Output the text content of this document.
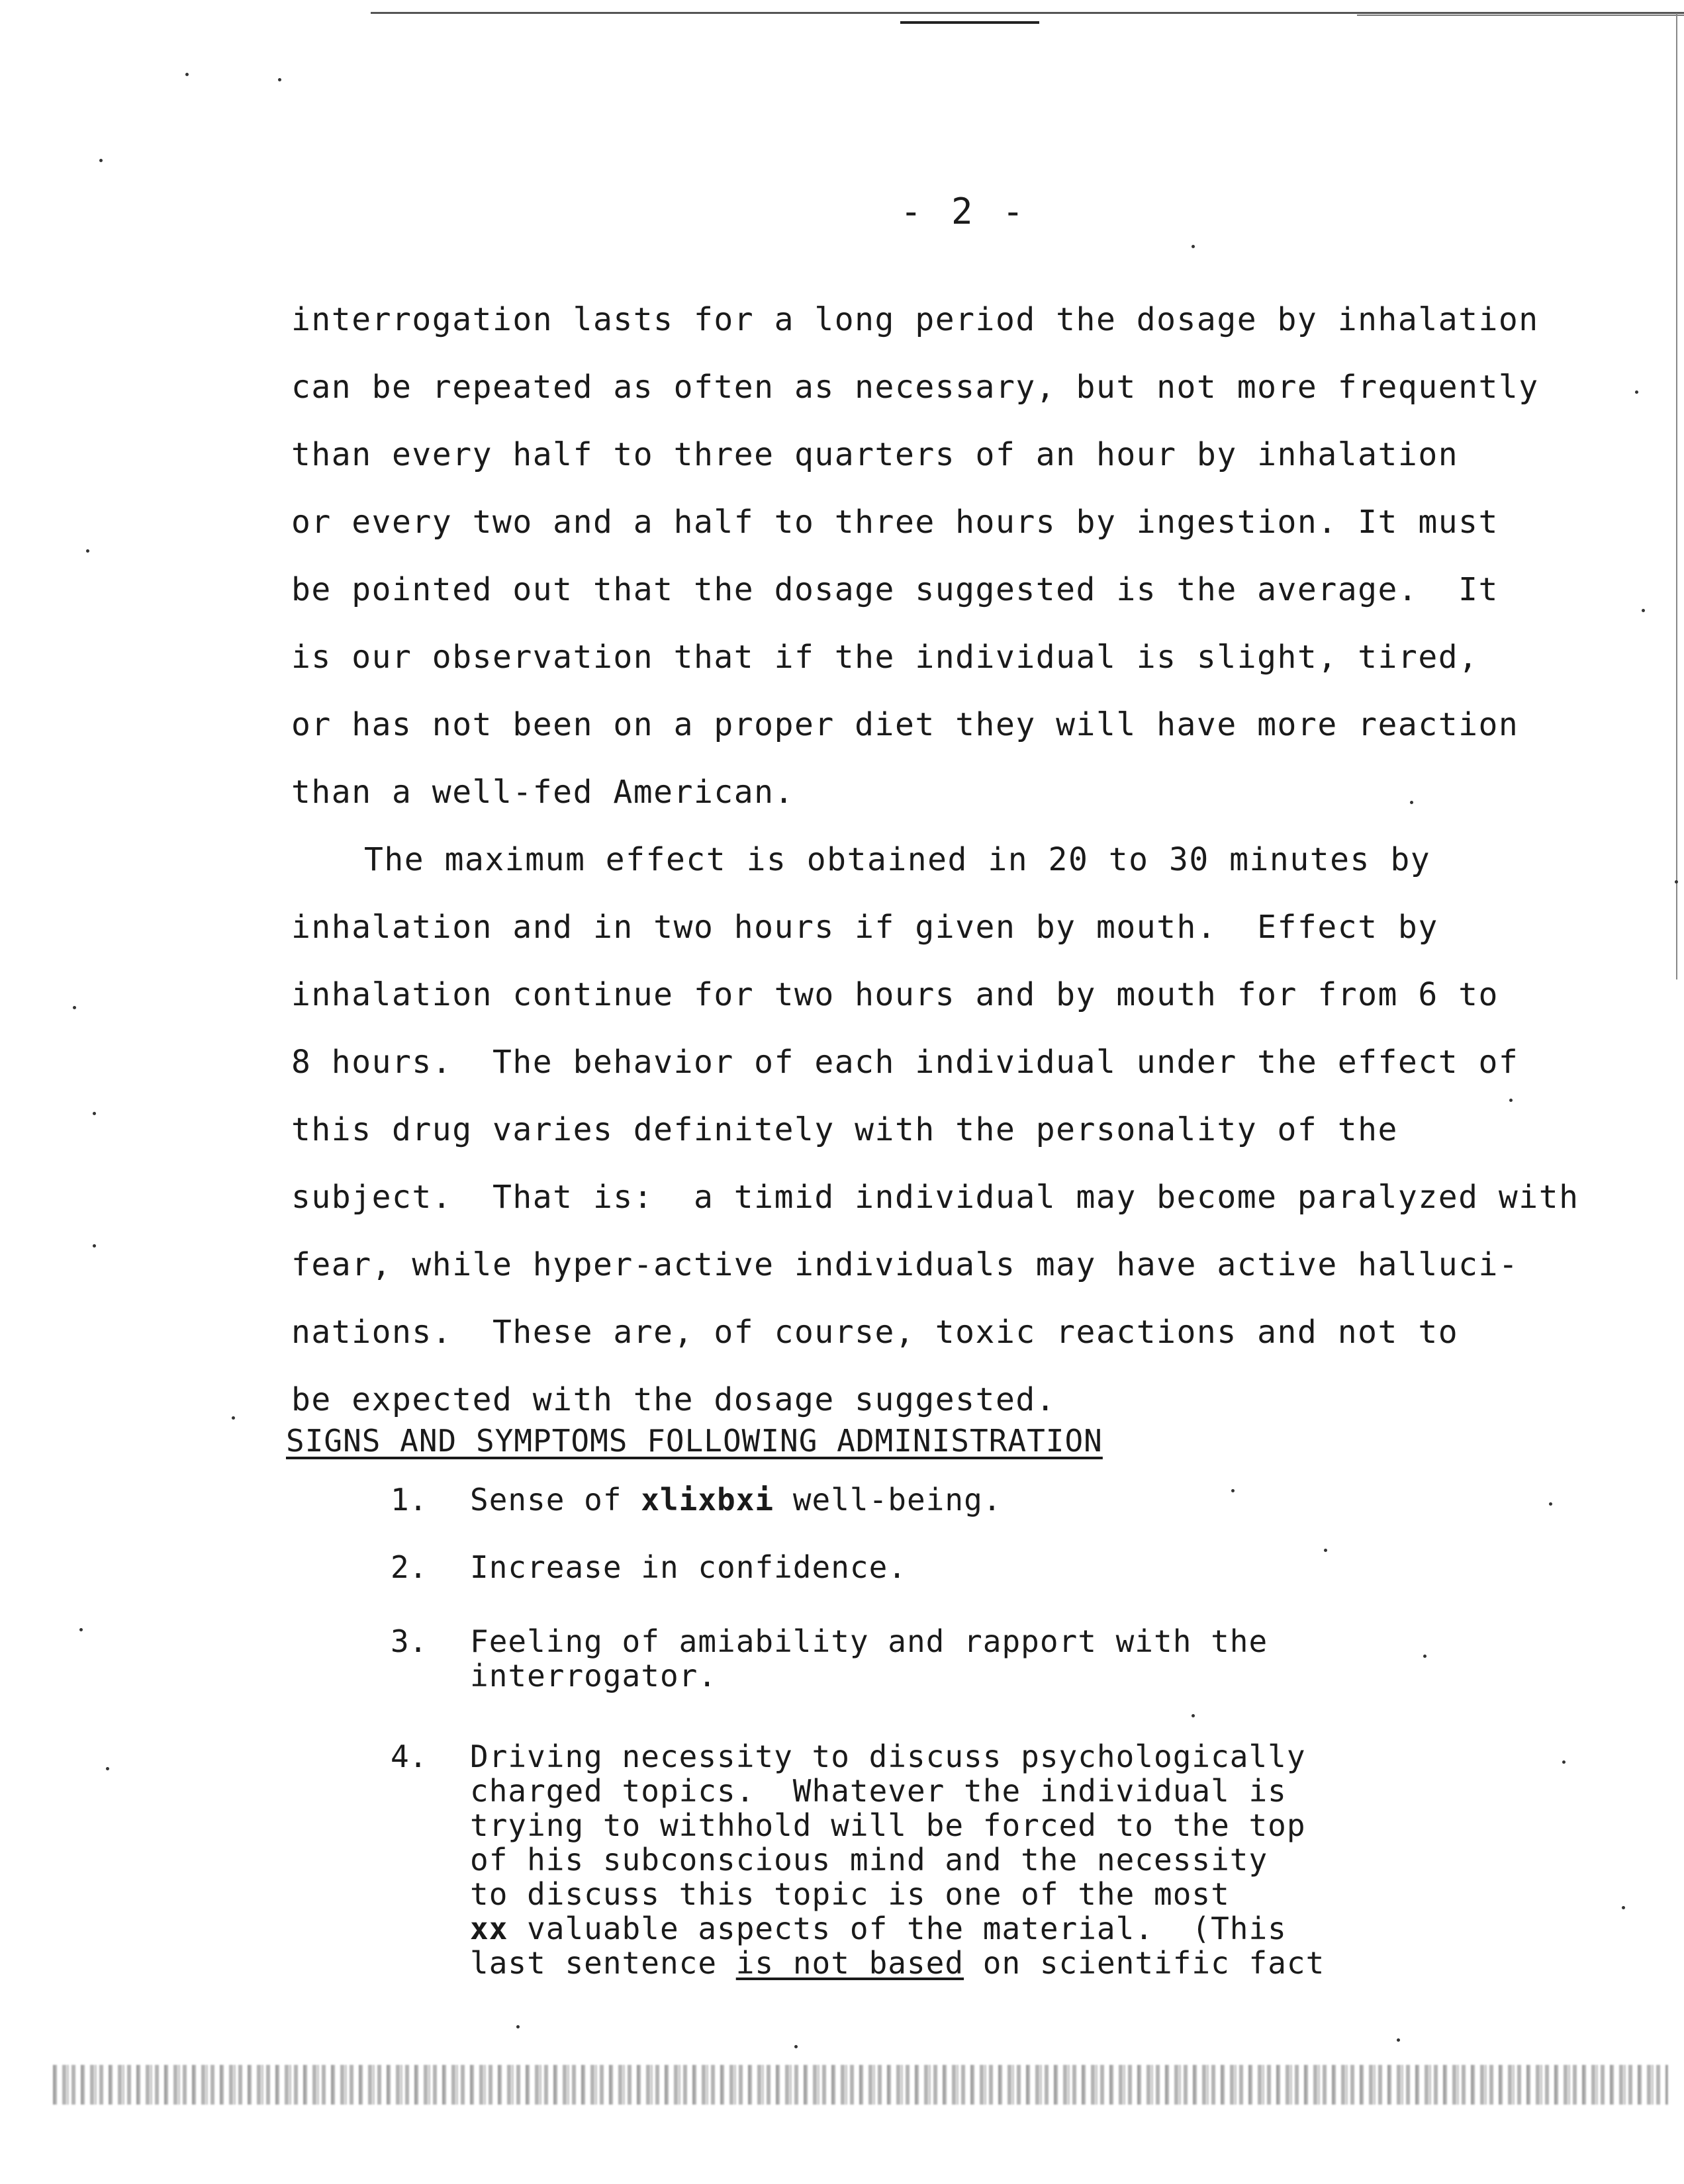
- 2 -
interrogation lasts for a long period the dosage by inhalation
can be repeated as often as necessary, but not more frequently
than every half to three quarters of an hour by inhalation
or every two and a half to three hours by ingestion. It must
be pointed out that the dosage suggested is the average.  It
is our observation that if the individual is slight, tired,
or has not been on a proper diet they will have more reaction
than a well-fed American.
The maximum effect is obtained in 20 to 30 minutes by
inhalation and in two hours if given by mouth.  Effect by
inhalation continue for two hours and by mouth for from 6 to
8 hours.  The behavior of each individual under the effect of
this drug varies definitely with the personality of the
subject.  That is:  a timid individual may become paralyzed with
fear, while hyper-active individuals may have active halluci-
nations.  These are, of course, toxic reactions and not to
be expected with the dosage suggested.
SIGNS AND SYMPTOMS FOLLOWING ADMINISTRATION
1.	Sense of xlixbxi well-being.
2.	Increase in confidence.
3.	Feeling of amiability and rapport with the
interrogator.
4.	Driving necessity to discuss psychologically
charged topics.  Whatever the individual is
trying to withhold will be forced to the top
of his subconscious mind and the necessity
to discuss this topic is one of the most
xx valuable aspects of the material.  (This
last sentence is not based on scientific fact
